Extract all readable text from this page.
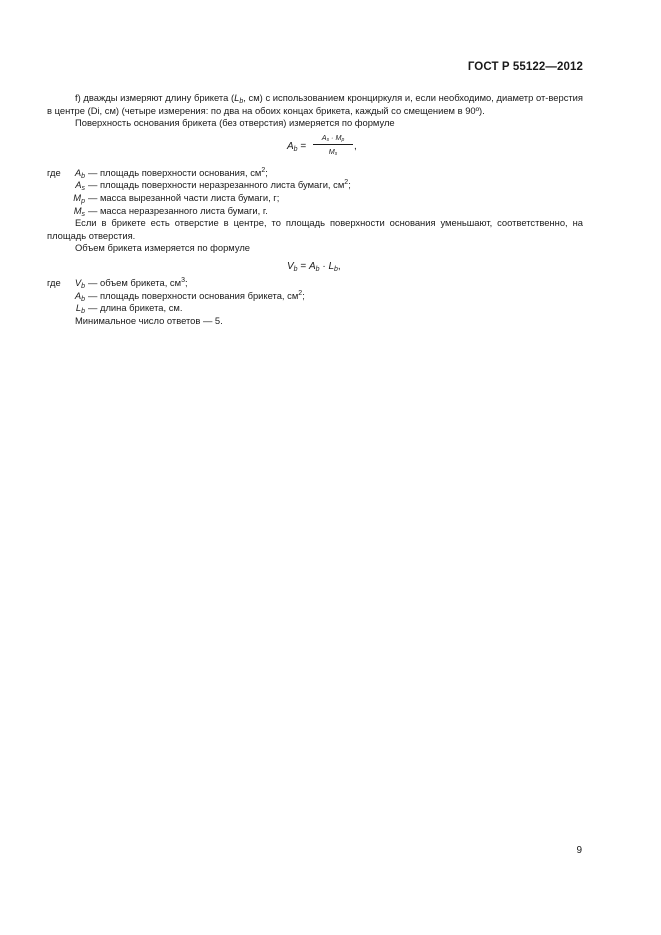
ГОСТ Р 55122—2012

f) дважды измеряют длину брикета ($L_b$, см) с использованием кронциркуля и, если необходимо, диаметр от-верстия в центре (Di, см) (четыре измерения: по два на обоих концах брикета, каждый со смещением в 90º).

Поверхность основания брикета (без отверстия) измеряется по формуле

$A_b$ =
$A_s \cdot M_p$
$M_s$
,
где	$A_b$ — площадь поверхности основания, $см^2$;
$A_s$ — площадь поверхности неразрезанного листа бумаги, $см^2$;
$M_p$ — масса вырезанной части листа бумаги, г;
$M_s$ — масса неразрезанного листа бумаги, г.

Если в брикете есть отверстие в центре, то площадь поверхности основания уменьшают, соответственно, на площадь отверстия.

Объем брикета измеряется по формуле

$V_b = A_b \cdot L_b$,
где	$V_b$ — объем брикета, $см^3$;
$A_b$ — площадь поверхности основания брикета, $см^2$;
$L_b$ — длина брикета, см.

Минимальное число ответов — 5.

9
